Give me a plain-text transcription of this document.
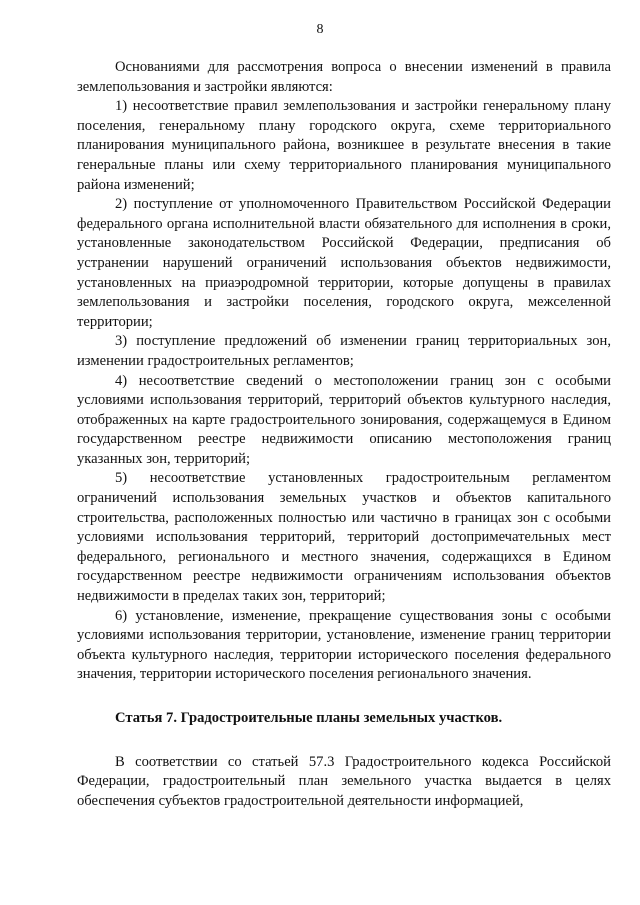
8

Основаниями для рассмотрения вопроса о внесении изменений в правила землепользования и застройки являются:

1) несоответствие правил землепользования и застройки генеральному плану поселения, генеральному плану городского округа, схеме территориального планирования муниципального района, возникшее в результате внесения в такие генеральные планы или схему территориального планирования муниципального района изменений;

2) поступление от уполномоченного Правительством Российской Федерации федерального органа исполнительной власти обязательного для исполнения в сроки, установленные законодательством Российской Федерации, предписания об устранении нарушений ограничений использования объектов недвижимости, установленных на приаэродромной территории, которые допущены в правилах землепользования и застройки поселения, городского округа, межселенной территории;

3) поступление предложений об изменении границ территориальных зон, изменении градостроительных регламентов;

4) несоответствие сведений о местоположении границ зон с особыми условиями использования территорий, территорий объектов культурного наследия, отображенных на карте градостроительного зонирования, содержащемуся в Едином государственном реестре недвижимости описанию местоположения границ указанных зон, территорий;

5) несоответствие установленных градостроительным регламентом ограничений использования земельных участков и объектов капитального строительства, расположенных полностью или частично в границах зон с особыми условиями использования территорий, территорий достопримечательных мест федерального, регионального и местного значения, содержащихся в Едином государственном реестре недвижимости ограничениям использования объектов недвижимости в пределах таких зон, территорий;

6) установление, изменение, прекращение существования зоны с особыми условиями использования территории, установление, изменение границ территории объекта культурного наследия, территории исторического поселения федерального значения, территории исторического поселения регионального значения.

Статья 7. Градостроительные планы земельных участков.

В соответствии со статьей 57.3 Градостроительного кодекса Российской Федерации, градостроительный план земельного участка выдается в целях обеспечения субъектов градостроительной деятельности информацией,
